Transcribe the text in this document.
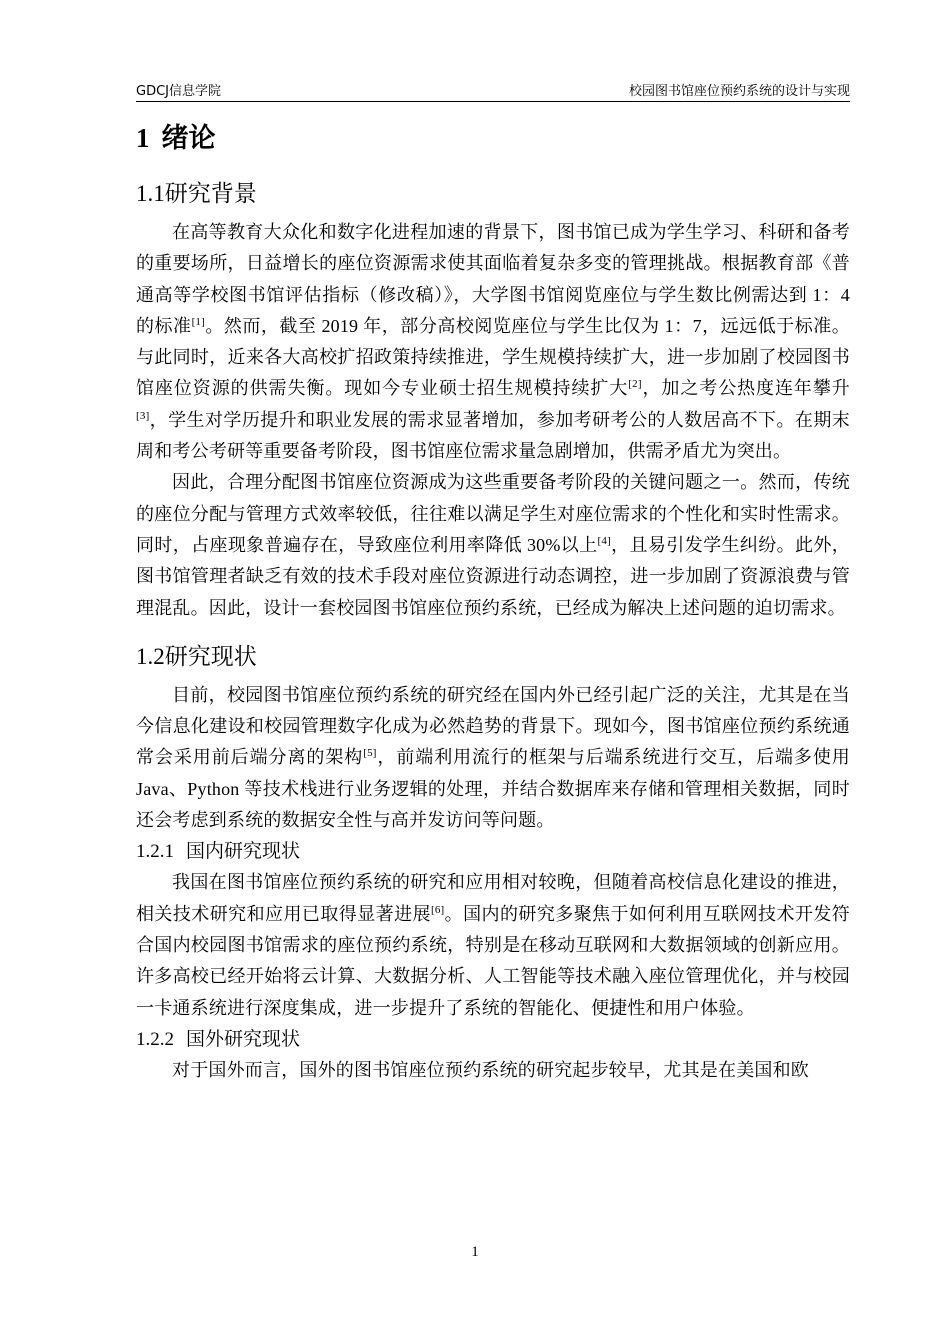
GDCJ信息学院	校园图书馆座位预约系统的设计与实现
1 绪论
1.1研究背景

在高等教育大众化和数字化进程加速的背景下，图书馆已成为学生学习、科研和备考的重要场所，日益增长的座位资源需求使其面临着复杂多变的管理挑战。根据教育部《普通高等学校图书馆评估指标（修改稿）》，大学图书馆阅览座位与学生数比例需达到 1：4 的标准[1]。然而，截至 2019 年，部分高校阅览座位与学生比仅为 1：7，远远低于标准。与此同时，近来各大高校扩招政策持续推进，学生规模持续扩大，进一步加剧了校园图书馆座位资源的供需失衡。现如今专业硕士招生规模持续扩大[2]，加之考公热度连年攀升[3]，学生对学历提升和职业发展的需求显著增加，参加考研考公的人数居高不下。在期末周和考公考研等重要备考阶段，图书馆座位需求量急剧增加，供需矛盾尤为突出。

因此，合理分配图书馆座位资源成为这些重要备考阶段的关键问题之一。然而，传统的座位分配与管理方式效率较低，往往难以满足学生对座位需求的个性化和实时性需求。同时，占座现象普遍存在，导致座位利用率降低 30%以上[4]，且易引发学生纠纷。此外，图书馆管理者缺乏有效的技术手段对座位资源进行动态调控，进一步加剧了资源浪费与管理混乱。因此，设计一套校园图书馆座位预约系统，已经成为解决上述问题的迫切需求。

1.2研究现状

目前，校园图书馆座位预约系统的研究经在国内外已经引起广泛的关注，尤其是在当今信息化建设和校园管理数字化成为必然趋势的背景下。现如今，图书馆座位预约系统通常会采用前后端分离的架构[5]，前端利用流行的框架与后端系统进行交互，后端多使用 Java、Python 等技术栈进行业务逻辑的处理，并结合数据库来存储和管理相关数据，同时还会考虑到系统的数据安全性与高并发访问等问题。

1.2.1 国内研究现状

我国在图书馆座位预约系统的研究和应用相对较晚，但随着高校信息化建设的推进，相关技术研究和应用已取得显著进展[6]。国内的研究多聚焦于如何利用互联网技术开发符合国内校园图书馆需求的座位预约系统，特别是在移动互联网和大数据领域的创新应用。许多高校已经开始将云计算、大数据分析、人工智能等技术融入座位管理优化，并与校园一卡通系统进行深度集成，进一步提升了系统的智能化、便捷性和用户体验。

1.2.2 国外研究现状

对于国外而言，国外的图书馆座位预约系统的研究起步较早，尤其是在美国和欧

1
